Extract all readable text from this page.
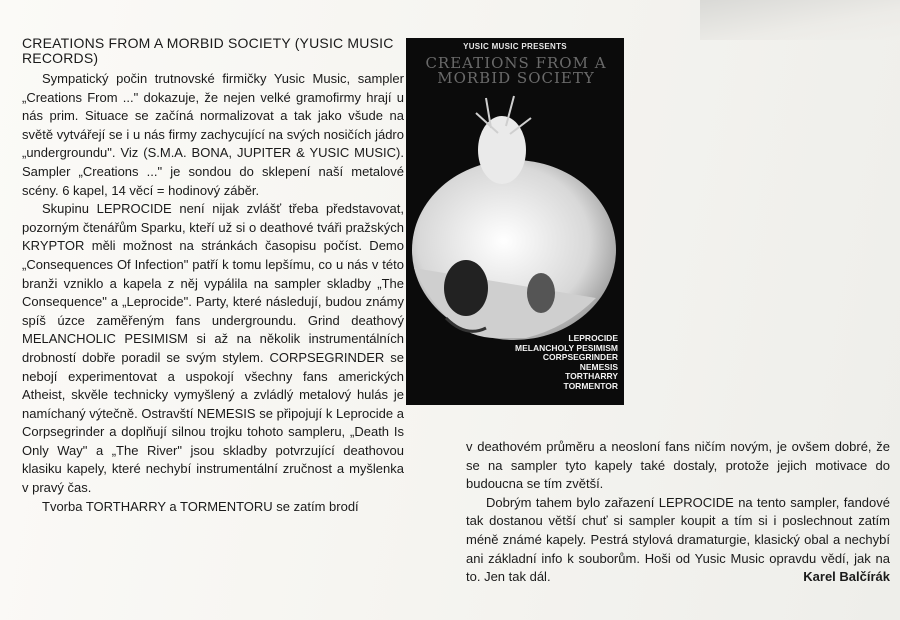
CREATIONS FROM A MORBID SOCIETY (YUSIC MUSIC RECORDS)

Sympatický počin trutnovské firmičky Yusic Music, sampler „Creations From ..." dokazuje, že nejen velké gramofirmy hrají u nás prim. Situace se začíná normalizovat a tak jako všude na světě vytvářejí se i u nás firmy zachycující na svých nosičích jádro „undergroundu". Viz (S.M.A. BONA, JUPITER & YUSIC MUSIC). Sampler „Creations ..." je sondou do sklepení naší metalové scény. 6 kapel, 14 věcí = hodinový záběr.

Skupinu LEPROCIDE není nijak zvlášť třeba představovat, pozorným čtenářům Sparku, kteří už si o deathové tváři pražských KRYPTOR měli možnost na stránkách časopisu počíst. Demo „Consequences Of Infection" patří k tomu lepšímu, co u nás v této branži vzniklo a kapela z něj vypálila na sampler skladby „The Consequence" a „Leprocide". Party, které následují, budou známy spíš úzce zaměřeným fans undergroundu. Grind deathový MELANCHOLIC PESIMISM si až na několik instrumentálních drobností dobře poradil se svým stylem. CORPSEGRINDER se nebojí experimentovat a uspokojí všechny fans amerických Atheist, skvěle technicky vymyšlený a zvládlý metalový hulás je namíchaný výtečně. Ostravští NEMESIS se připojují k Leprocide a Corpsegrinder a doplňují silnou trojku tohoto sampleru, „Death Is Only Way" a „The River" jsou skladby potvrzující deathovou klasiku kapely, které nechybí instrumentální zručnost a myšlenka v pravý čas.

Tvorba TORTHARRY a TORMENTORU se zatím brodí

YUSIC MUSIC PRESENTS
CREATIONS FROM A MORBID SOCIETY
LEPROCIDE
MELANCHOLY PESIMISM
CORPSEGRINDER
NEMESIS
TORTHARRY
TORMENTOR

v deathovém průměru a neosloní fans ničím novým, je ovšem dobré, že se na sampler tyto kapely také dostaly, protože jejich motivace do budoucna se tím zvětší.

Dobrým tahem bylo zařazení LEPROCIDE na tento sampler, fandové tak dostanou větší chuť si sampler koupit a tím si i poslechnout zatím méně známé kapely. Pestrá stylová dramaturgie, klasický obal a nechybí ani základní info k souborům. Hoši od Yusic Music opravdu vědí, jak na to. Jen tak dál.	Karel Balčírák
